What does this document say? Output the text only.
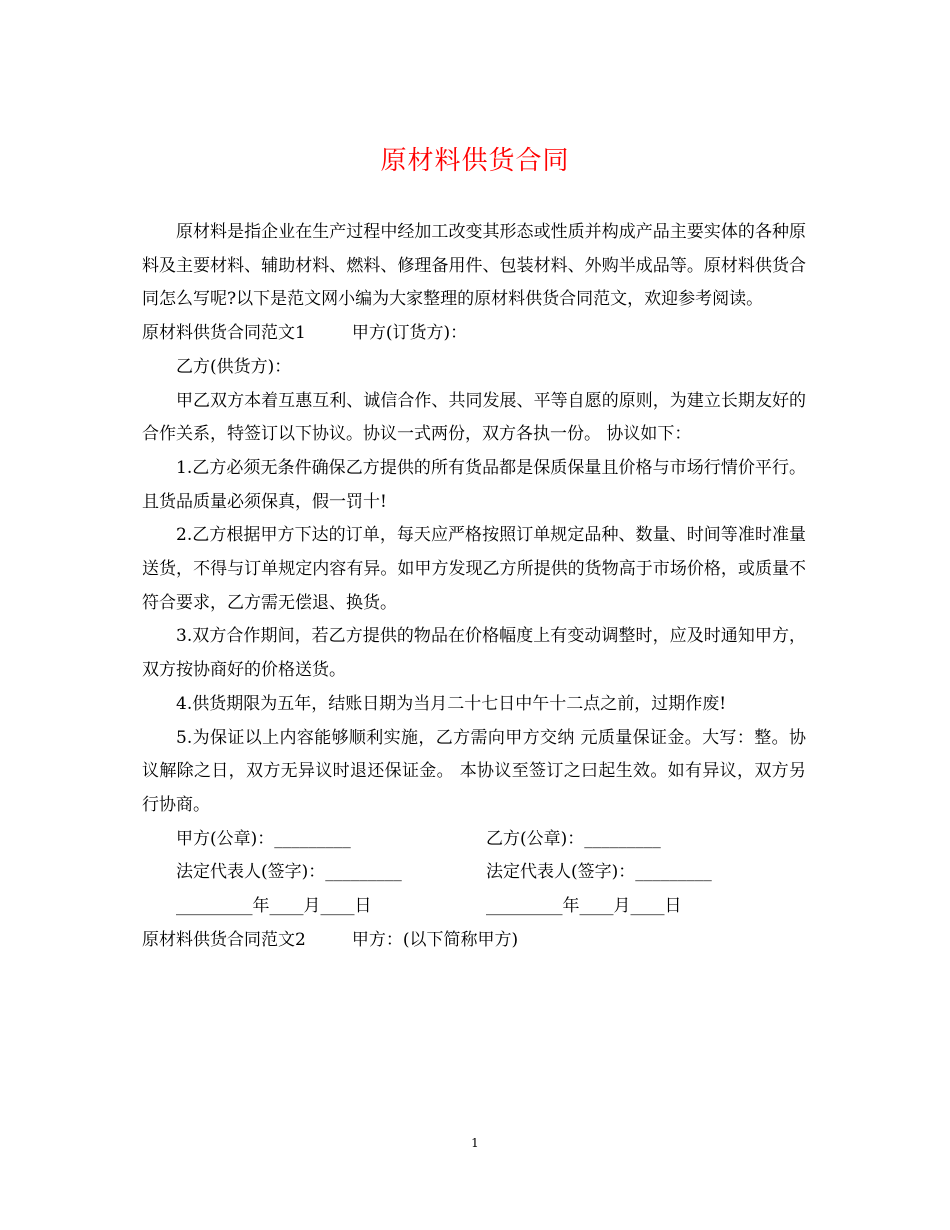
原材料供货合同

原材料是指企业在生产过程中经加工改变其形态或性质并构成产品主要实体的各种原料及主要材料、辅助材料、燃料、修理备用件、包装材料、外购半成品等。原材料供货合同怎么写呢?以下是范文网小编为大家整理的原材料供货合同范文，欢迎参考阅读。

原材料供货合同范文1	甲方(订货方)：

乙方(供货方)：

甲乙双方本着互惠互利、诚信合作、共同发展、平等自愿的原则，为建立长期友好的合作关系，特签订以下协议。协议一式两份，双方各执一份。 协议如下：

1.乙方必须无条件确保乙方提供的所有货品都是保质保量且价格与市场行情价平行。且货品质量必须保真，假一罚十!

2.乙方根据甲方下达的订单，每天应严格按照订单规定品种、数量、时间等准时准量送货，不得与订单规定内容有异。如甲方发现乙方所提供的货物高于市场价格，或质量不符合要求，乙方需无偿退、换货。

3.双方合作期间，若乙方提供的物品在价格幅度上有变动调整时，应及时通知甲方，双方按协商好的价格送货。

4.供货期限为五年，结账日期为当月二十七日中午十二点之前，过期作废!

5.为保证以上内容能够顺利实施，乙方需向甲方交纳 元质量保证金。大写：整。协议解除之日，双方无异议时退还保证金。 本协议至签订之曰起生效。如有异议，双方另行协商。

甲方(公章)：_________	乙方(公章)：_________
法定代表人(签字)：_________	法定代表人(签字)：_________
_________年____月____日	_________年____月____日

原材料供货合同范文2	甲方：(以下简称甲方)

1
